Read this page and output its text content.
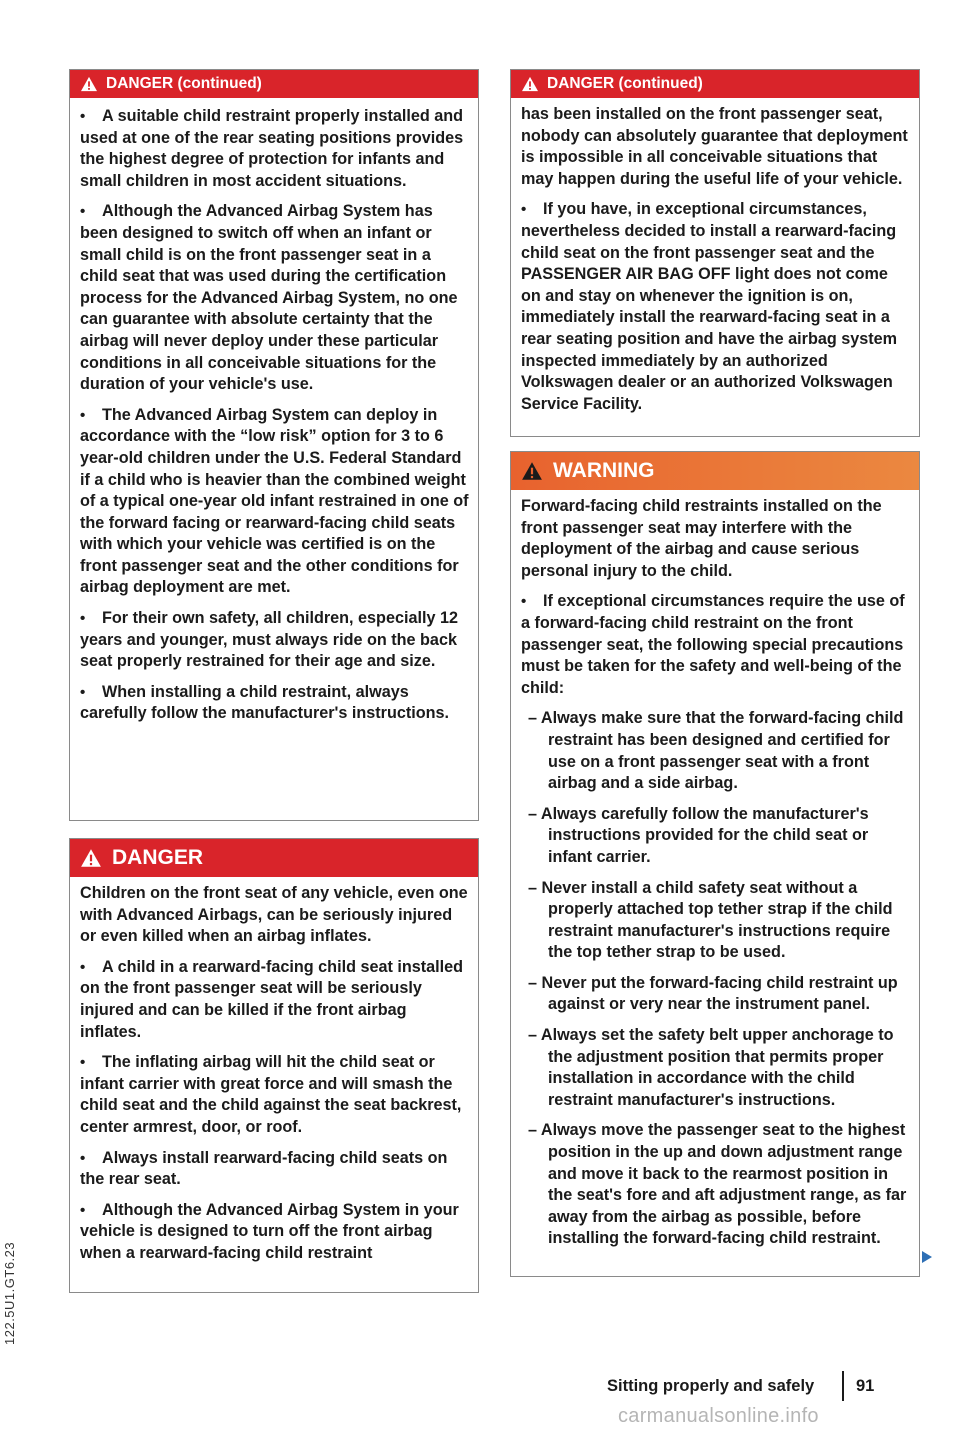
122.5U1.GT6.23
DANGER (continued)

• A suitable child restraint properly installed and used at one of the rear seating positions provides the highest degree of protection for infants and small children in most accident situations.

• Although the Advanced Airbag System has been designed to switch off when an infant or small child is on the front passenger seat in a child seat that was used during the certification process for the Advanced Airbag System, no one can guarantee with absolute certainty that the airbag will never deploy under these particular conditions in all conceivable situations for the duration of your vehicle's use.

• The Advanced Airbag System can deploy in accordance with the “low risk” option for 3 to 6 year-old children under the U.S. Federal Standard if a child who is heavier than the combined weight of a typical one-year old infant restrained in one of the forward facing or rearward-facing child seats with which your vehicle was certified is on the front passenger seat and the other conditions for airbag deployment are met.

• For their own safety, all children, especially 12 years and younger, must always ride on the back seat properly restrained for their age and size.

• When installing a child restraint, always carefully follow the manufacturer's instructions.

DANGER

Children on the front seat of any vehicle, even one with Advanced Airbags, can be seriously injured or even killed when an airbag inflates.

• A child in a rearward-facing child seat installed on the front passenger seat will be seriously injured and can be killed if the front airbag inflates.

• The inflating airbag will hit the child seat or infant carrier with great force and will smash the child seat and the child against the seat backrest, center armrest, door, or roof.

• Always install rearward-facing child seats on the rear seat.

• Although the Advanced Airbag System in your vehicle is designed to turn off the front airbag when a rearward-facing child restraint

DANGER (continued)

has been installed on the front passenger seat, nobody can absolutely guarantee that deployment is impossible in all conceivable situations that may happen during the useful life of your vehicle.

• If you have, in exceptional circumstances, nevertheless decided to install a rearward-facing child seat on the front passenger seat and the PASSENGER AIR BAG OFF light does not come on and stay on whenever the ignition is on, immediately install the rearward-facing seat in a rear seating position and have the airbag system inspected immediately by an authorized Volkswagen dealer or an authorized Volkswagen Service Facility.

WARNING

Forward-facing child restraints installed on the front passenger seat may interfere with the deployment of the airbag and cause serious personal injury to the child.

• If exceptional circumstances require the use of a forward-facing child restraint on the front passenger seat, the following special precautions must be taken for the safety and well-being of the child:

– Always make sure that the forward-facing child restraint has been designed and certified for use on a front passenger seat with a front airbag and a side airbag.

– Always carefully follow the manufacturer's instructions provided for the child seat or infant carrier.

– Never install a child safety seat without a properly attached top tether strap if the child restraint manufacturer's instructions require the top tether strap to be used.

– Never put the forward-facing child restraint up against or very near the instrument panel.

– Always set the safety belt upper anchorage to the adjustment position that permits proper installation in accordance with the child restraint manufacturer's instructions.

– Always move the passenger seat to the highest position in the up and down adjustment range and move it back to the rearmost position in the seat's fore and aft adjustment range, as far away from the airbag as possible, before installing the forward-facing child restraint.

Sitting properly and safely	91
carmanualsonline.info
